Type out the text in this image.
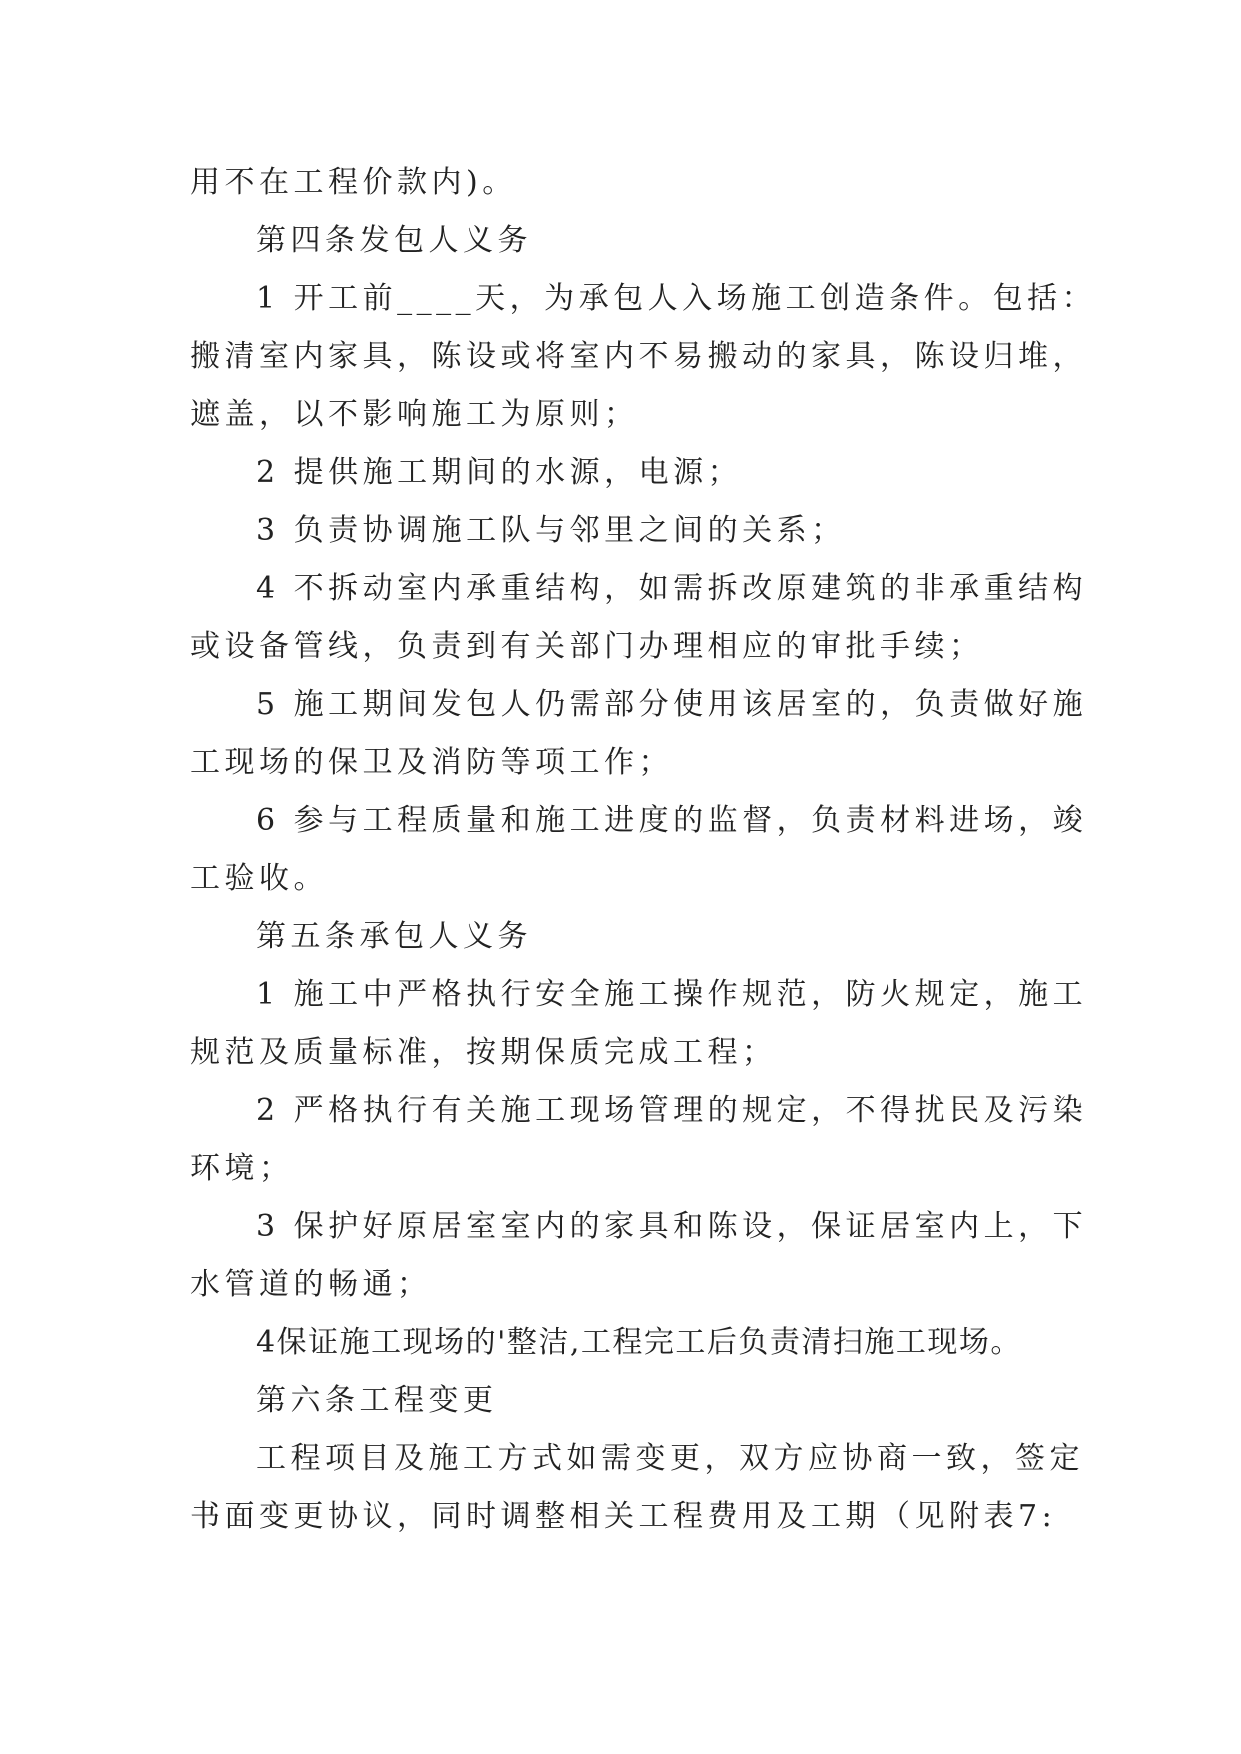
用不在工程价款内)。
第四条发包人义务
1 开工前____天，为承包人入场施工创造条件。包括：
搬清室内家具，陈设或将室内不易搬动的家具，陈设归堆，
遮盖，以不影响施工为原则；
2 提供施工期间的水源，电源；
3 负责协调施工队与邻里之间的关系；
4 不拆动室内承重结构，如需拆改原建筑的非承重结构
或设备管线，负责到有关部门办理相应的审批手续；
5 施工期间发包人仍需部分使用该居室的，负责做好施
工现场的保卫及消防等项工作；
6 参与工程质量和施工进度的监督，负责材料进场，竣
工验收。
第五条承包人义务
1 施工中严格执行安全施工操作规范，防火规定，施工
规范及质量标准，按期保质完成工程；
2 严格执行有关施工现场管理的规定，不得扰民及污染
环境；
3 保护好原居室室内的家具和陈设，保证居室内上，下
水管道的畅通；
4保证施工现场的'整洁,工程完工后负责清扫施工现场。
第六条工程变更
工程项目及施工方式如需变更，双方应协商一致，签定
书面变更协议，同时调整相关工程费用及工期（见附表7:
